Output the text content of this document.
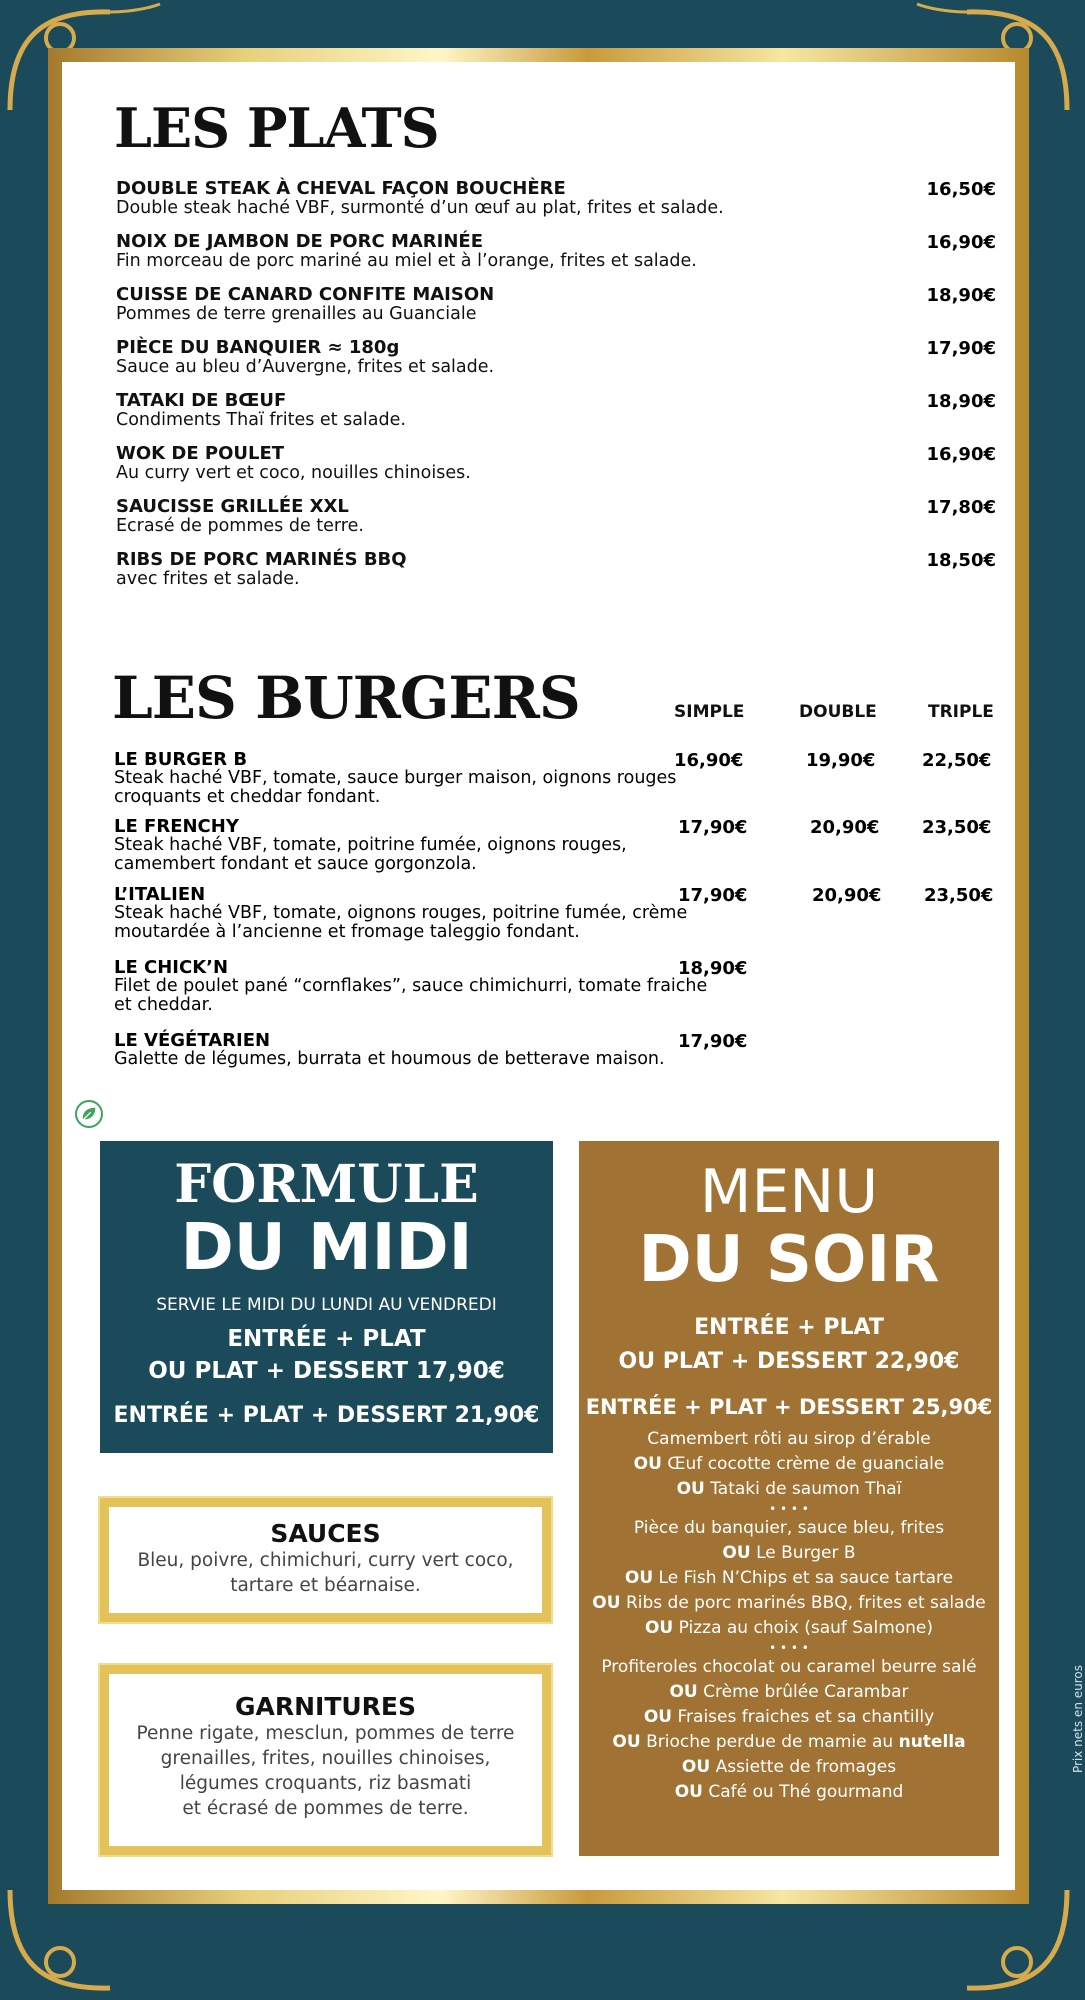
Prix nets en euros
LES PLATS
DOUBLE STEAK À CHEVAL FAÇON BOUCHÈRE
Double steak haché VBF, surmonté d’un œuf au plat, frites et salade.
16,50€
NOIX DE JAMBON DE PORC MARINÉE
Fin morceau de porc mariné au miel et à l’orange, frites et salade.
16,90€
CUISSE DE CANARD CONFITE MAISON
Pommes de terre grenailles au Guanciale
18,90€
PIÈCE DU BANQUIER ≈ 180g
Sauce au bleu d’Auvergne, frites et salade.
17,90€
TATAKI DE BŒUF
Condiments Thaï frites et salade.
18,90€
WOK DE POULET
Au curry vert et coco, nouilles chinoises.
16,90€
SAUCISSE GRILLÉE XXL
Ecrasé de pommes de terre.
17,80€
RIBS DE PORC MARINÉS BBQ
avec frites et salade.
18,50€
LES BURGERS	SIMPLE	DOUBLE	TRIPLE
LE BURGER B
Steak haché VBF, tomate, sauce burger maison, oignons rouges croquants et cheddar fondant.
16,90€	19,90€	22,50€
LE FRENCHY
Steak haché VBF, tomate, poitrine fumée, oignons rouges, camembert fondant et sauce gorgonzola.
17,90€	20,90€ 23,50€
L’ITALIEN
Steak haché VBF, tomate, oignons rouges, poitrine fumée, crème moutardée à l’ancienne et fromage taleggio fondant.
17,90€	20,90€ 23,50€
LE CHICK’N
Filet de poulet pané “cornflakes”, sauce chimichurri, tomate fraiche et cheddar.
18,90€
LE VÉGÉTARIEN
Galette de légumes, burrata et houmous de betterave maison.
17,90€
FORMULE
DU MIDI
SERVIE LE MIDI DU LUNDI AU VENDREDI
ENTRÉE + PLAT
OU PLAT + DESSERT 17,90€
ENTRÉE + PLAT + DESSERT 21,90€
SAUCES
Bleu, poivre, chimichuri, curry vert coco,
tartare et béarnaise.
GARNITURES
Penne rigate, mesclun, pommes de terre
grenailles, frites, nouilles chinoises,
légumes croquants, riz basmati
et écrasé de pommes de terre.
MENU
DU SOIR
ENTRÉE + PLAT
OU PLAT + DESSERT 22,90€
ENTRÉE + PLAT + DESSERT 25,90€
Camembert rôti au sirop d’érable
OU Œuf cocotte crème de guanciale
OU Tataki de saumon Thaï
• • • •
Pièce du banquier, sauce bleu, frites
OU Le Burger B
OU Le Fish N’Chips et sa sauce tartare
OU Ribs de porc marinés BBQ, frites et salade
OU Pizza au choix (sauf Salmone)
• • • •
Profiteroles chocolat ou caramel beurre salé
OU Crème brûlée Carambar
OU Fraises fraiches et sa chantilly
OU Brioche perdue de mamie au nutella
OU Assiette de fromages
OU Café ou Thé gourmand
